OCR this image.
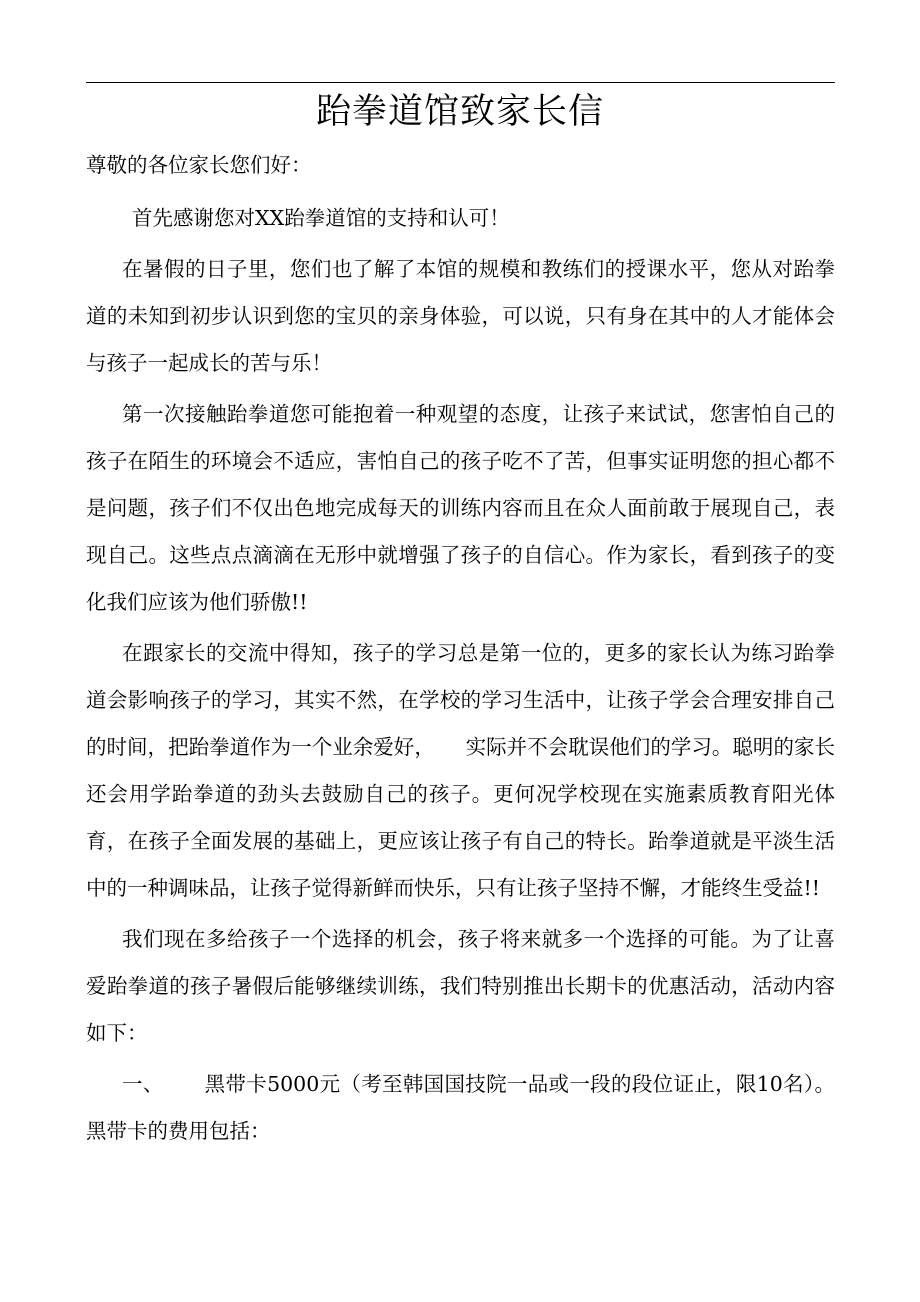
跆拳道馆致家长信

尊敬的各位家长您们好：

首先感谢您对XX跆拳道馆的支持和认可！

在暑假的日子里，您们也了解了本馆的规模和教练们的授课水平，您从对跆拳道的未知到初步认识到您的宝贝的亲身体验，可以说，只有身在其中的人才能体会与孩子一起成长的苦与乐！

第一次接触跆拳道您可能抱着一种观望的态度，让孩子来试试，您害怕自己的孩子在陌生的环境会不适应，害怕自己的孩子吃不了苦，但事实证明您的担心都不是问题，孩子们不仅出色地完成每天的训练内容而且在众人面前敢于展现自己，表现自己。这些点点滴滴在无形中就增强了孩子的自信心。作为家长，看到孩子的变化我们应该为他们骄傲!!

在跟家长的交流中得知，孩子的学习总是第一位的，更多的家长认为练习跆拳道会影响孩子的学习，其实不然，在学校的学习生活中，让孩子学会合理安排自己的时间，把跆拳道作为一个业余爱好，　　实际并不会耽误他们的学习。聪明的家长还会用学跆拳道的劲头去鼓励自己的孩子。更何况学校现在实施素质教育阳光体育，在孩子全面发展的基础上，更应该让孩子有自己的特长。跆拳道就是平淡生活中的一种调味品，让孩子觉得新鲜而快乐，只有让孩子坚持不懈，才能终生受益!!

我们现在多给孩子一个选择的机会，孩子将来就多一个选择的可能。为了让喜爱跆拳道的孩子暑假后能够继续训练，我们特别推出长期卡的优惠活动，活动内容如下：

一、 黑带卡5000元（考至韩国国技院一品或一段的段位证止，限10名）。黑带卡的费用包括：
